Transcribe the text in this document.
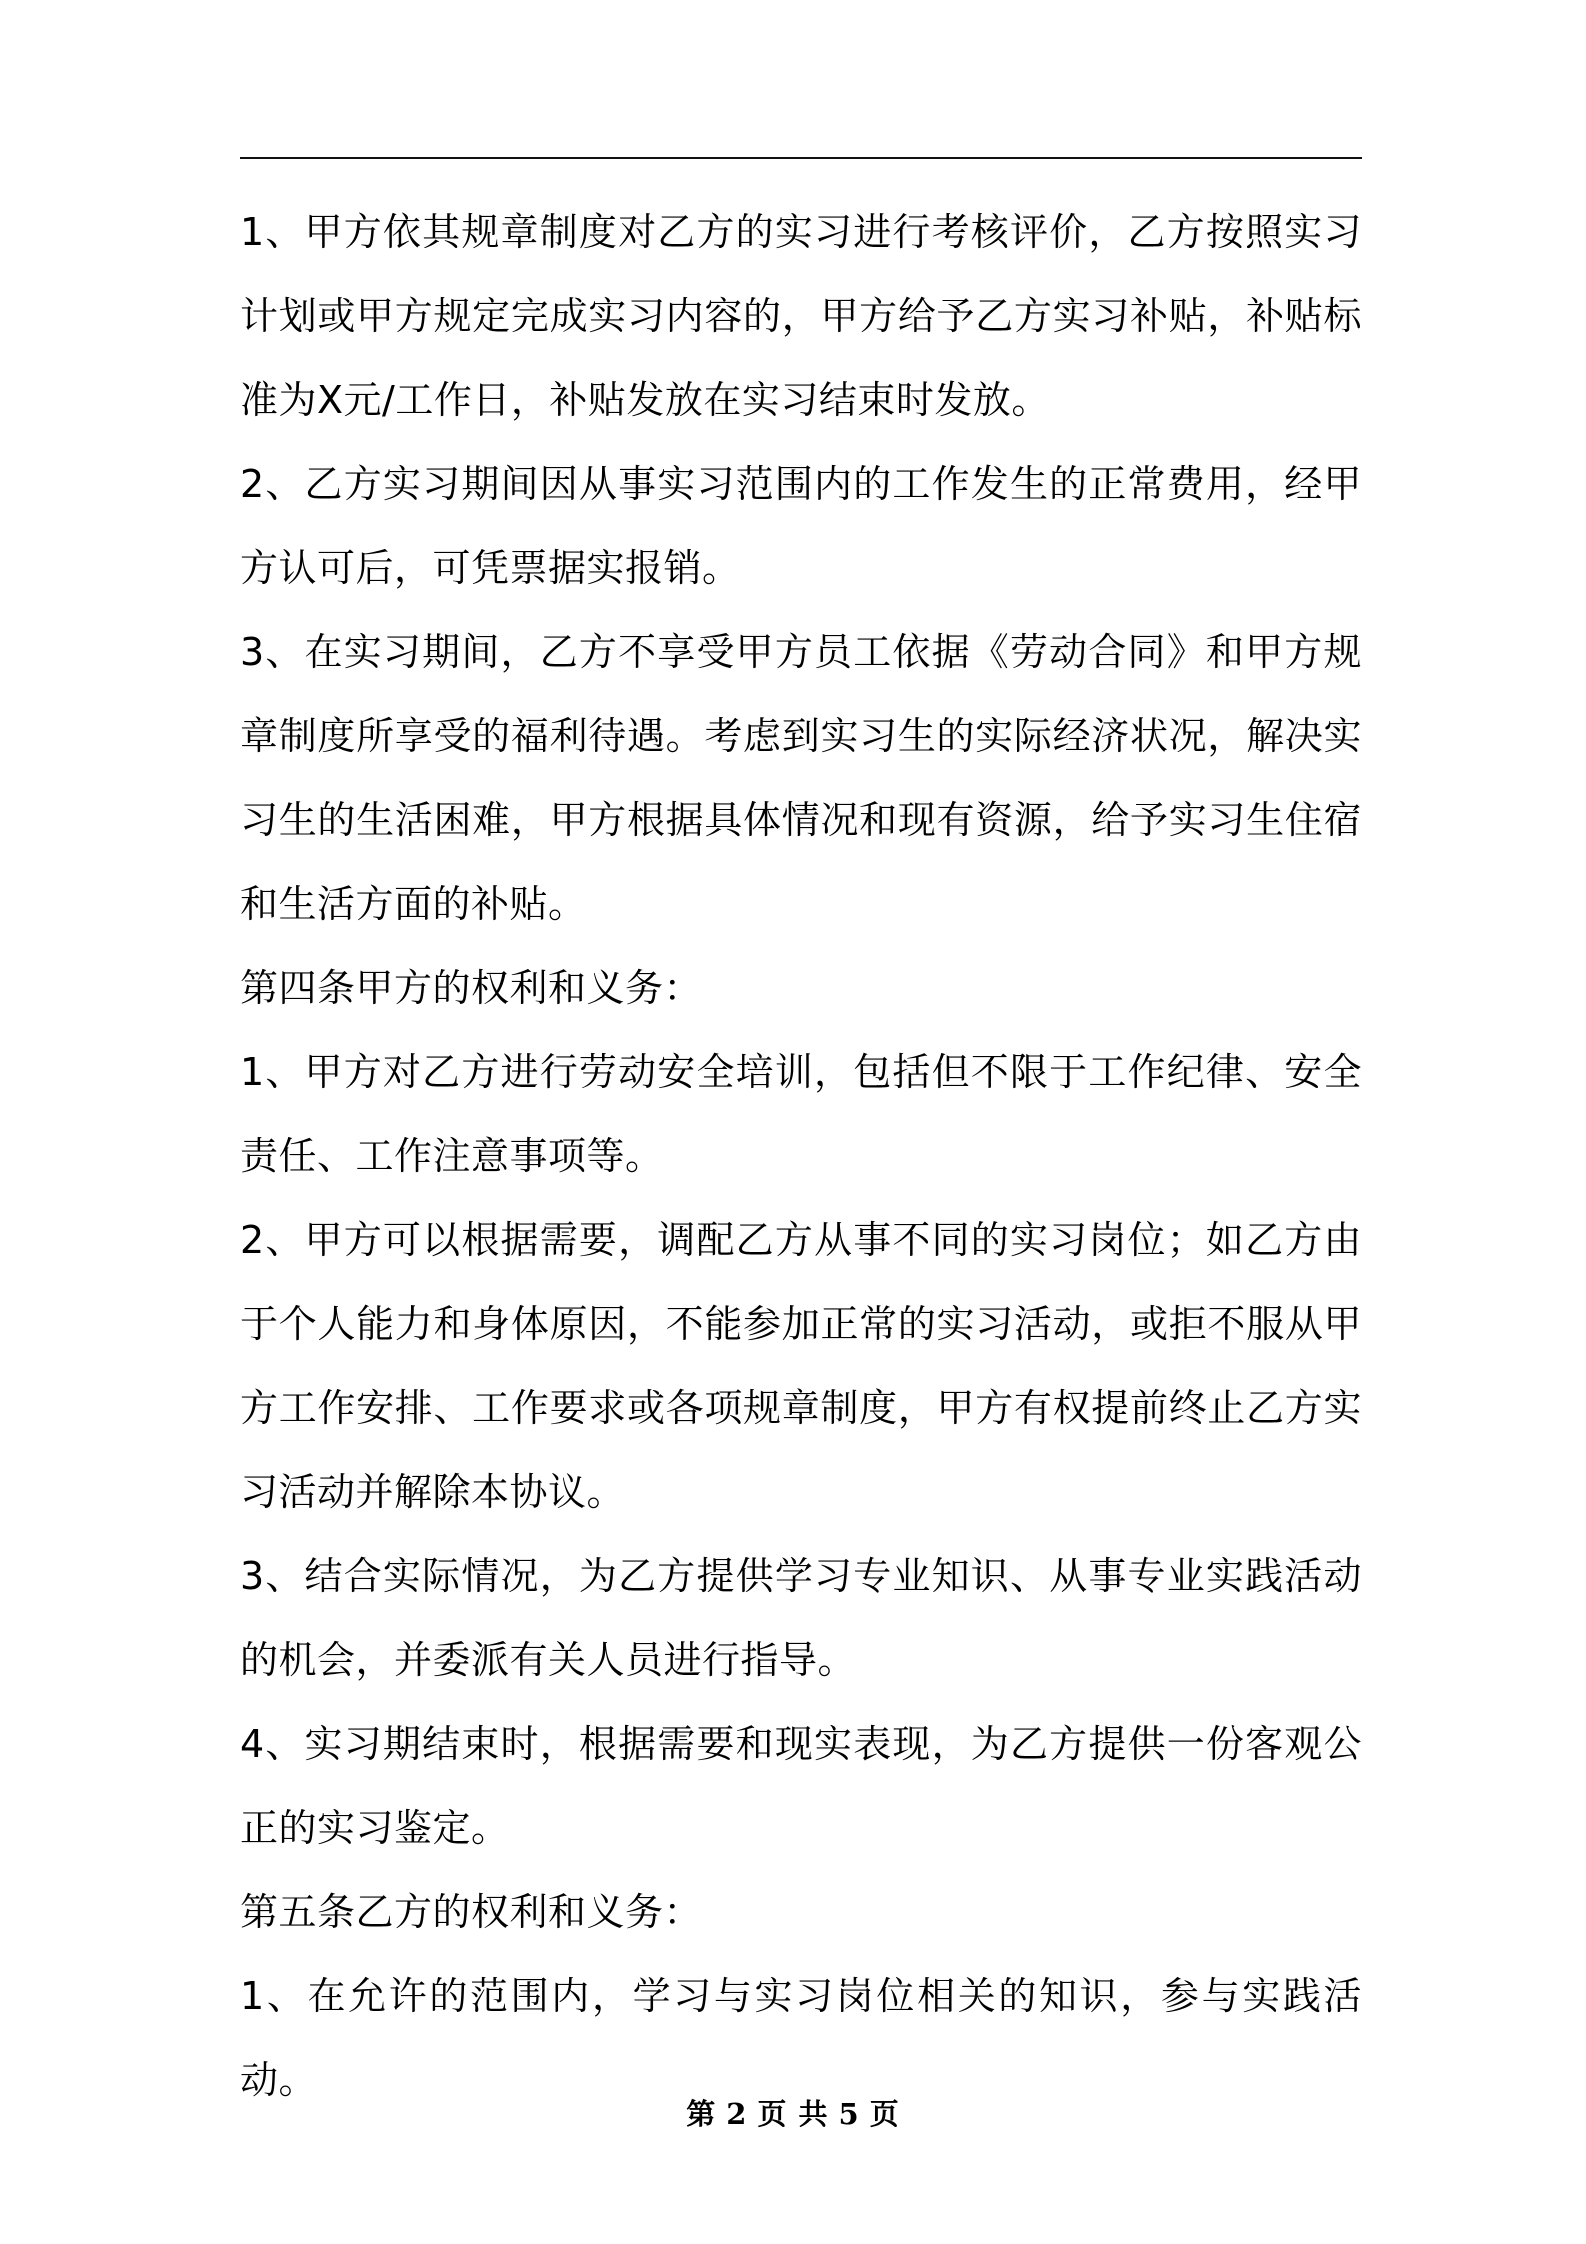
1、甲方依其规章制度对乙方的实习进行考核评价，乙方按照实习计划或甲方规定完成实习内容的，甲方给予乙方实习补贴，补贴标准为X元/工作日，补贴发放在实习结束时发放。

2、乙方实习期间因从事实习范围内的工作发生的正常费用，经甲方认可后，可凭票据实报销。

3、在实习期间，乙方不享受甲方员工依据《劳动合同》和甲方规章制度所享受的福利待遇。考虑到实习生的实际经济状况，解决实习生的生活困难，甲方根据具体情况和现有资源，给予实习生住宿和生活方面的补贴。

第四条甲方的权利和义务：

1、甲方对乙方进行劳动安全培训，包括但不限于工作纪律、安全责任、工作注意事项等。

2、甲方可以根据需要，调配乙方从事不同的实习岗位；如乙方由于个人能力和身体原因，不能参加正常的实习活动，或拒不服从甲方工作安排、工作要求或各项规章制度，甲方有权提前终止乙方实习活动并解除本协议。

3、结合实际情况，为乙方提供学习专业知识、从事专业实践活动的机会，并委派有关人员进行指导。

4、实习期结束时，根据需要和现实表现，为乙方提供一份客观公正的实习鉴定。

第五条乙方的权利和义务：

1、在允许的范围内，学习与实习岗位相关的知识，参与实践活动。

第 2 页 共 5 页
